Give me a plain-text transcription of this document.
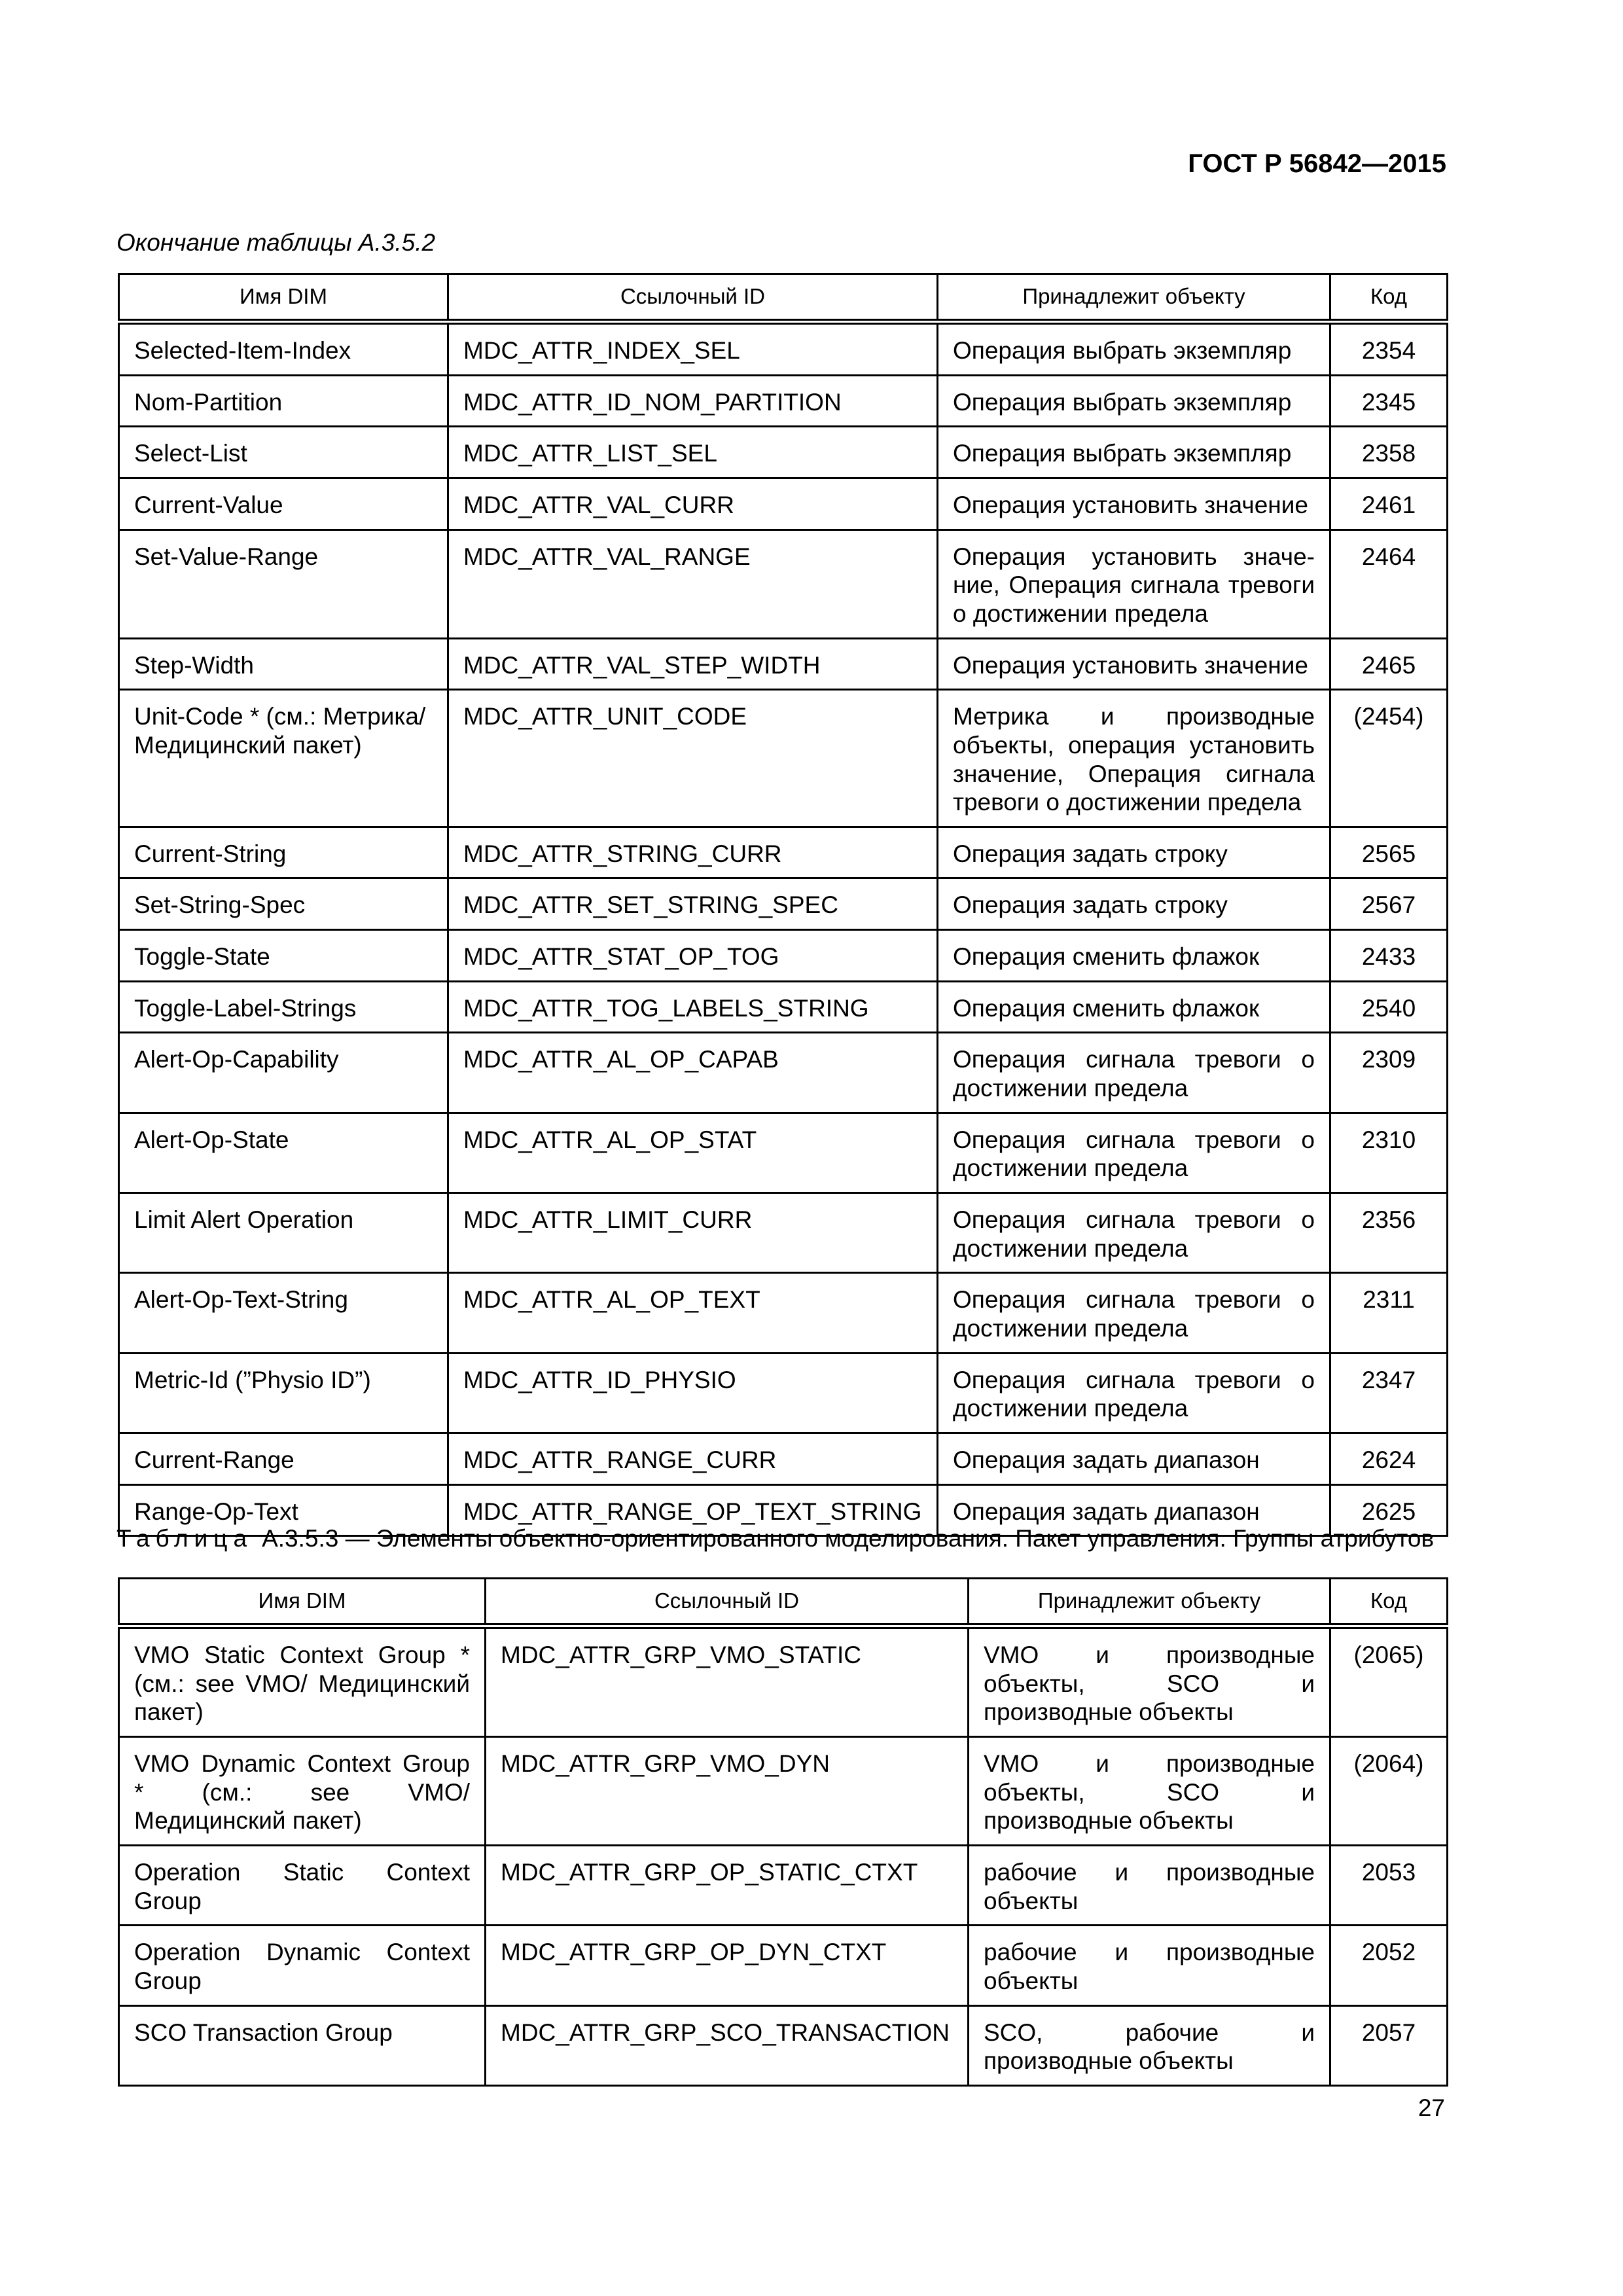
ГОСТ Р 56842—2015
Окончание таблицы А.3.5.2
Имя DIM	Ссылочный ID	Принадлежит объекту	Код
Selected-Item-Index	MDC_ATTR_INDEX_SEL	Операция выбрать экземпляр	2354
Nom-Partition	MDC_ATTR_ID_NOM_PARTITION	Операция выбрать экземпляр	2345
Select-List	MDC_ATTR_LIST_SEL	Операция выбрать экземпляр	2358
Current-Value	MDC_ATTR_VAL_CURR	Операция установить значение	2461
Set-Value-Range	MDC_ATTR_VAL_RANGE	Операция установить значение, Операция сигнала тревоги о достижении предела	2464
Step-Width	MDC_ATTR_VAL_STEP_WIDTH	Операция установить значение	2465
Unit-Code * (см.: Метрика/ Медицинский пакет)	MDC_ATTR_UNIT_CODE	Метрика и производные объекты, операция установить значение, Операция сигнала тревоги о достижении предела	(2454)
Current-String	MDC_ATTR_STRING_CURR	Операция задать строку	2565
Set-String-Spec	MDC_ATTR_SET_STRING_SPEC	Операция задать строку	2567
Toggle-State	MDC_ATTR_STAT_OP_TOG	Операция сменить флажок	2433
Toggle-Label-Strings	MDC_ATTR_TOG_LABELS_STRING	Операция сменить флажок	2540
Alert-Op-Capability	MDC_ATTR_AL_OP_CAPAB	Операция сигнала тревоги о достижении предела	2309
Alert-Op-State	MDC_ATTR_AL_OP_STAT	Операция сигнала тревоги о достижении предела	2310
Limit Alert Operation	MDC_ATTR_LIMIT_CURR	Операция сигнала тревоги о достижении предела	2356
Alert-Op-Text-String	MDC_ATTR_AL_OP_TEXT	Операция сигнала тревоги о достижении предела	2311
Metric-Id (”Physio ID”)	MDC_ATTR_ID_PHYSIO	Операция сигнала тревоги о достижении предела	2347
Current-Range	MDC_ATTR_RANGE_CURR	Операция задать диапазон	2624
Range-Op-Text	MDC_ATTR_RANGE_OP_TEXT_STRING	Операция задать диапазон	2625
Таблица А.3.5.3 — Элементы объектно-ориентированного моделирования. Пакет управления. Группы атрибутов
Имя DIM	Ссылочный ID	Принадлежит объекту	Код
VMO Static Context Group * (см.: see VMO/ Медицинский пакет)	MDC_ATTR_GRP_VMO_STATIC	VMO и производные объекты, SCO и производные объекты	(2065)
VMO Dynamic Context Group * (см.: see VMO/ Медицинский пакет)	MDC_ATTR_GRP_VMO_DYN	VMO и производные объекты, SCO и производные объекты	(2064)
Operation Static Context Group	MDC_ATTR_GRP_OP_STATIC_CTXT	рабочие и производные объекты	2053
Operation Dynamic Context Group	MDC_ATTR_GRP_OP_DYN_CTXT	рабочие и производные объекты	2052
SCO Transaction Group	MDC_ATTR_GRP_SCO_TRANSACTION	SCO, рабочие и производные объекты	2057
27
